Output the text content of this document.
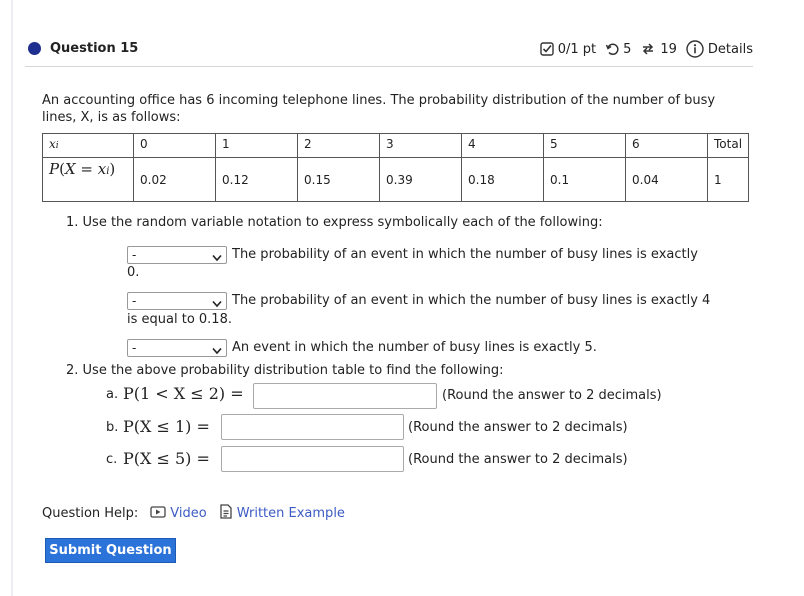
Question 15	0/1 pt 5 19 Details
An accounting office has 6 incoming telephone lines. The probability distribution of the number of busy lines, X, is as follows:
xi	0	1	2	3	4	5	6	Total
P(X = xi)	0.02	0.12	0.15	0.39	0.18	0.1	0.04	1
1. Use the random variable notation to express symbolically each of the following:
-	The probability of an event in which the number of busy lines is exactly
0.
-	The probability of an event in which the number of busy lines is exactly 4
is equal to 0.18.
-	An event in which the number of busy lines is exactly 5.
2. Use the above probability distribution table to find the following:
a. P(1 < X ≤ 2) =	(Round the answer to 2 decimals)
b. P(X ≤ 1) =	(Round the answer to 2 decimals)
c. P(X ≤ 5) =	(Round the answer to 2 decimals)
Question Help: Video Written Example
Submit Question
